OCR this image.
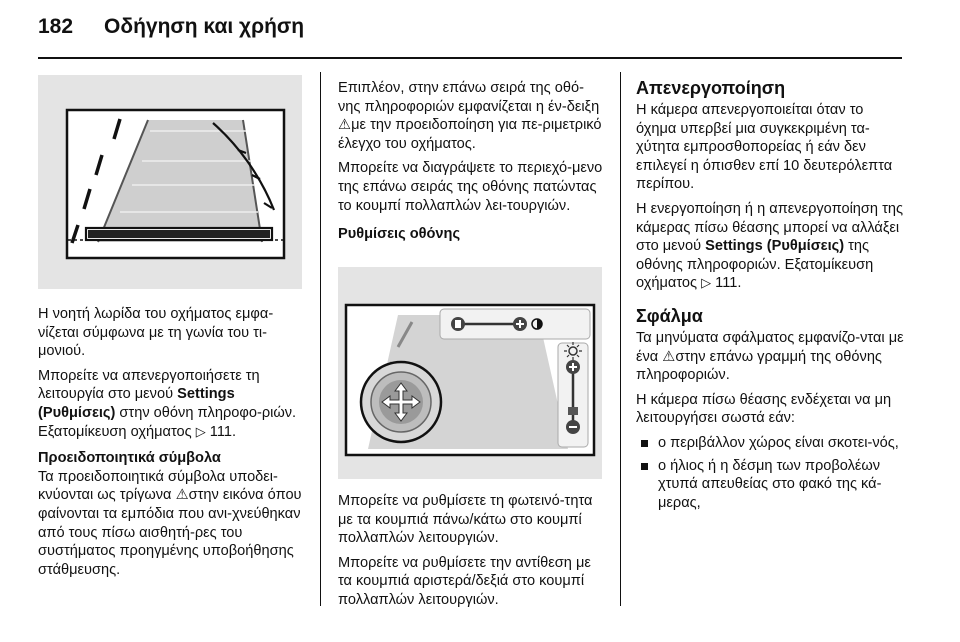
182 Οδήγηση και χρήση

Η νοητή λωρίδα του οχήματος εμφα-νίζεται σύμφωνα με τη γωνία του τι-μονιού.

Μπορείτε να απενεργοποιήσετε τη λειτουργία στο μενού Settings (Ρυθμίσεις) στην οθόνη πληροφο-ριών. Εξατομίκευση οχήματος ▷ 111.

Προειδοποιητικά σύμβολα

Τα προειδοποιητικά σύμβολα υποδει-κνύονται ως τρίγωνα ⚠στην εικόνα όπου φαίνονται τα εμπόδια που ανι-χνεύθηκαν από τους πίσω αισθητή-ρες του συστήματος προηγμένης υποβοήθησης στάθμευσης.

Επιπλέον, στην επάνω σειρά της οθό-νης πληροφοριών εμφανίζεται η έν-δειξη ⚠με την προειδοποίηση για πε-ριμετρικό έλεγχο του οχήματος.

Μπορείτε να διαγράψετε το περιεχό-μενο της επάνω σειράς της οθόνης πατώντας το κουμπί πολλαπλών λει-τουργιών.

Ρυθμίσεις οθόνης

Μπορείτε να ρυθμίσετε τη φωτεινό-τητα με τα κουμπιά πάνω/κάτω στο κουμπί πολλαπλών λειτουργιών.

Μπορείτε να ρυθμίσετε την αντίθεση με τα κουμπιά αριστερά/δεξιά στο κουμπί πολλαπλών λειτουργιών.

Απενεργοποίηση

Η κάμερα απενεργοποιείται όταν το όχημα υπερβεί μια συγκεκριμένη τα-χύτητα εμπροσθοπορείας ή εάν δεν επιλεγεί η όπισθεν επί 10 δευτερόλεπτα περίπου.

Η ενεργοποίηση ή η απενεργοποίηση της κάμερας πίσω θέασης μπορεί να αλλάξει στο μενού Settings (Ρυθμίσεις) της οθόνης πληροφοριών. Εξατομίκευση οχήματος ▷ 111.

Σφάλμα

Τα μηνύματα σφάλματος εμφανίζο-νται με ένα ⚠στην επάνω γραμμή της οθόνης πληροφοριών.

Η κάμερα πίσω θέασης ενδέχεται να μη λειτουργήσει σωστά εάν:

ο περιβάλλον χώρος είναι σκοτει-νός,
ο ήλιος ή η δέσμη των προβολέων χτυπά απευθείας στο φακό της κά-μερας,
